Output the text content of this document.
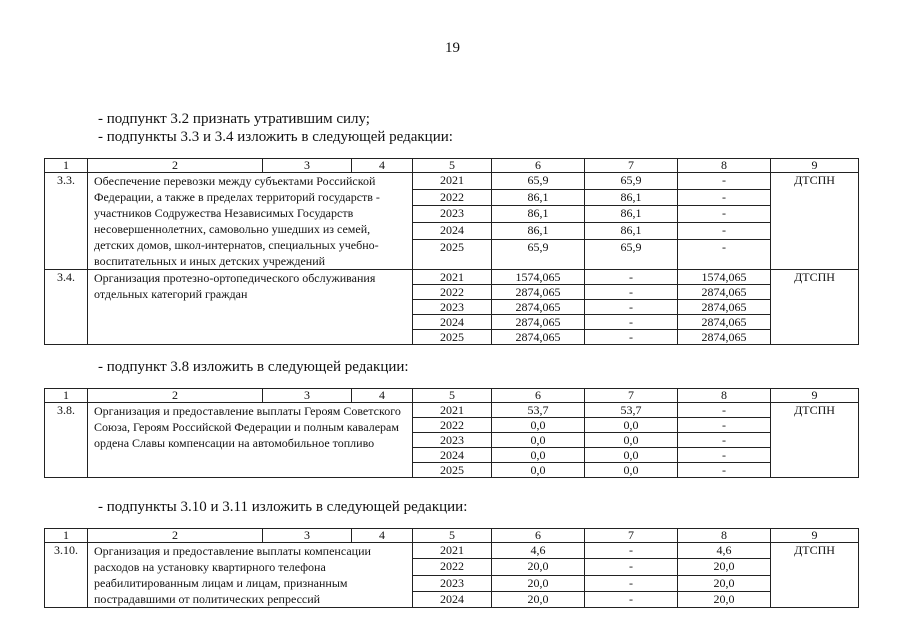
19
- подпункт 3.2 признать утратившим силу;
- подпункты 3.3 и 3.4 изложить в следующей редакции:
1	2	3	4	5	6	7	8	9
3.3.	Обеспечение перевозки между субъектами Российской Федерации, а также в пределах территорий государств - участников Содружества Независимых Государств несовершеннолетних, самовольно ушедших из семей, детских домов, школ-интернатов, специальных учебно-воспитательных и иных детских учреждений			2021	65,9	65,9	-	ДТСПН
				2022	86,1	86,1	-	
				2023	86,1	86,1	-	
				2024	86,1	86,1	-	
				2025	65,9	65,9	-	
3.4.	Организация протезно-ортопедического обслуживания отдельных категорий граждан			2021	1574,065	-	1574,065	ДТСПН
				2022	2874,065	-	2874,065	
				2023	2874,065	-	2874,065	
				2024	2874,065	-	2874,065	
				2025	2874,065	-	2874,065	
- подпункт 3.8 изложить в следующей редакции:
1	2	3	4	5	6	7	8	9
3.8.	Организация и предоставление выплаты Героям Советского Союза, Героям Российской Федерации и полным кавалерам ордена Славы компенсации на автомобильное топливо			2021	53,7	53,7	-	ДТСПН
				2022	0,0	0,0	-	
				2023	0,0	0,0	-	
				2024	0,0	0,0	-	
				2025	0,0	0,0	-	
- подпункты 3.10 и 3.11 изложить в следующей редакции:
1	2	3	4	5	6	7	8	9
3.10.	Организация и предоставление выплаты компенсации расходов на установку квартирного телефона реабилитированным лицам и лицам, признанным пострадавшими от политических репрессий			2021	4,6	-	4,6	ДТСПН
				2022	20,0	-	20,0	
				2023	20,0	-	20,0	
				2024	20,0	-	20,0	
